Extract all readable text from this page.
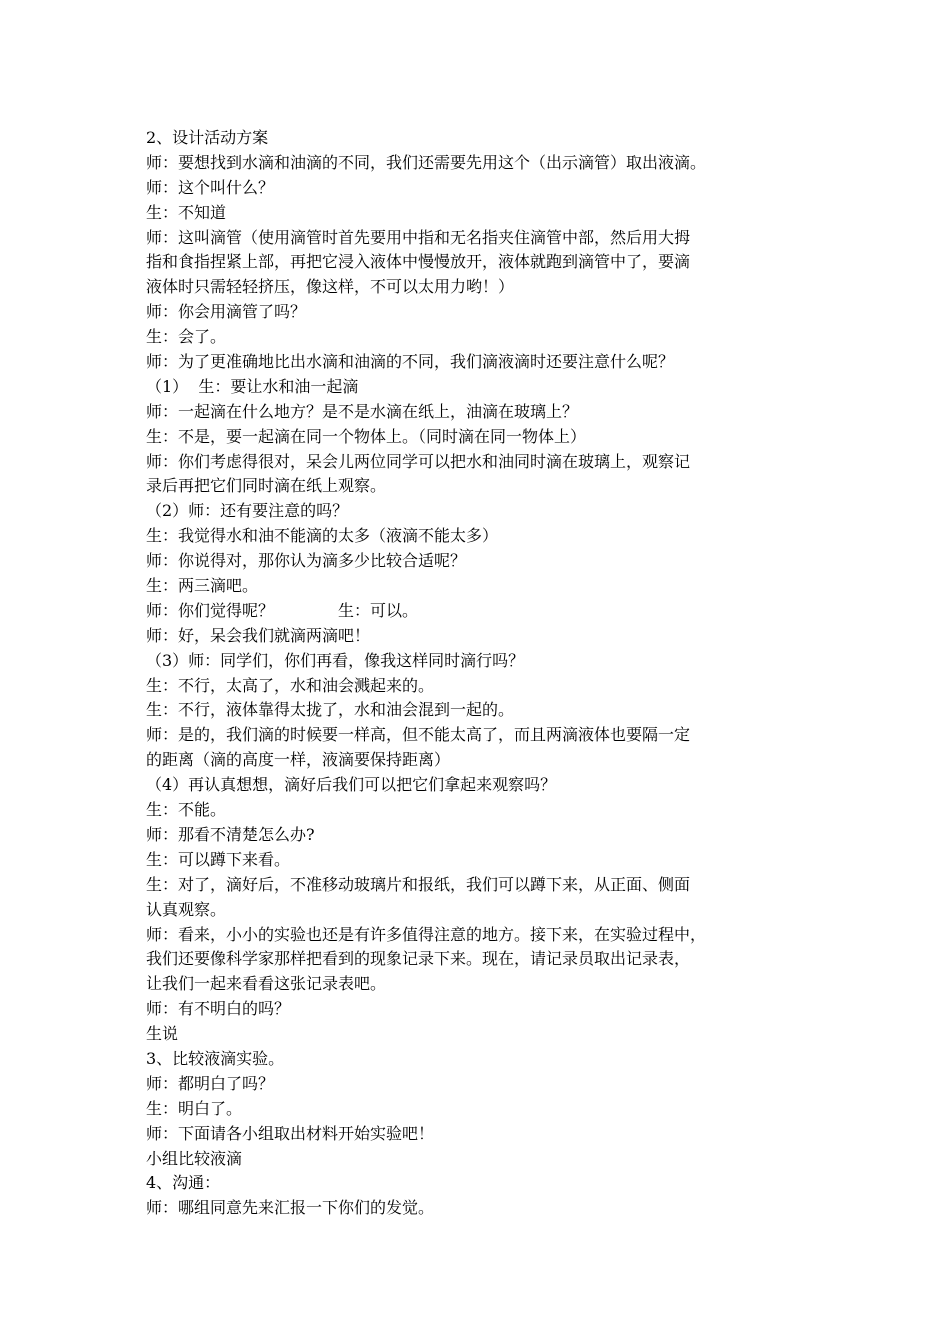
2、设计活动方案
师：要想找到水滴和油滴的不同，我们还需要先用这个（出示滴管）取出液滴。
师：这个叫什么？
生：不知道
师：这叫滴管（使用滴管时首先要用中指和无名指夹住滴管中部，然后用大拇
指和食指捏紧上部，再把它浸入液体中慢慢放开，液体就跑到滴管中了，要滴
液体时只需轻轻挤压，像这样，不可以太用力哟！）
师：你会用滴管了吗？
生：会了。
师：为了更准确地比出水滴和油滴的不同，我们滴液滴时还要注意什么呢？
（1）  生：要让水和油一起滴
师：一起滴在什么地方？是不是水滴在纸上，油滴在玻璃上？
生：不是，要一起滴在同一个物体上。（同时滴在同一物体上）
师：你们考虑得很对，呆会儿两位同学可以把水和油同时滴在玻璃上，观察记
录后再把它们同时滴在纸上观察。
（2）师：还有要注意的吗？
生：我觉得水和油不能滴的太多（液滴不能太多）
师：你说得对，那你认为滴多少比较合适呢？
生：两三滴吧。
师：你们觉得呢？	生：可以。
师：好，呆会我们就滴两滴吧！
（3）师：同学们，你们再看，像我这样同时滴行吗？
生：不行，太高了，水和油会溅起来的。
生：不行，液体靠得太拢了，水和油会混到一起的。
师：是的，我们滴的时候要一样高，但不能太高了，而且两滴液体也要隔一定
的距离（滴的高度一样，液滴要保持距离）
（4）再认真想想，滴好后我们可以把它们拿起来观察吗？
生：不能。
师：那看不清楚怎么办?
生：可以蹲下来看。
生：对了，滴好后，不准移动玻璃片和报纸，我们可以蹲下来，从正面、侧面
认真观察。
师：看来，小小的实验也还是有许多值得注意的地方。接下来，在实验过程中，
我们还要像科学家那样把看到的现象记录下来。现在，请记录员取出记录表，
让我们一起来看看这张记录表吧。
师：有不明白的吗？
生说
3、比较液滴实验。
师：都明白了吗？
生：明白了。
师：下面请各小组取出材料开始实验吧！
小组比较液滴
4、沟通：
师：哪组同意先来汇报一下你们的发觉。
